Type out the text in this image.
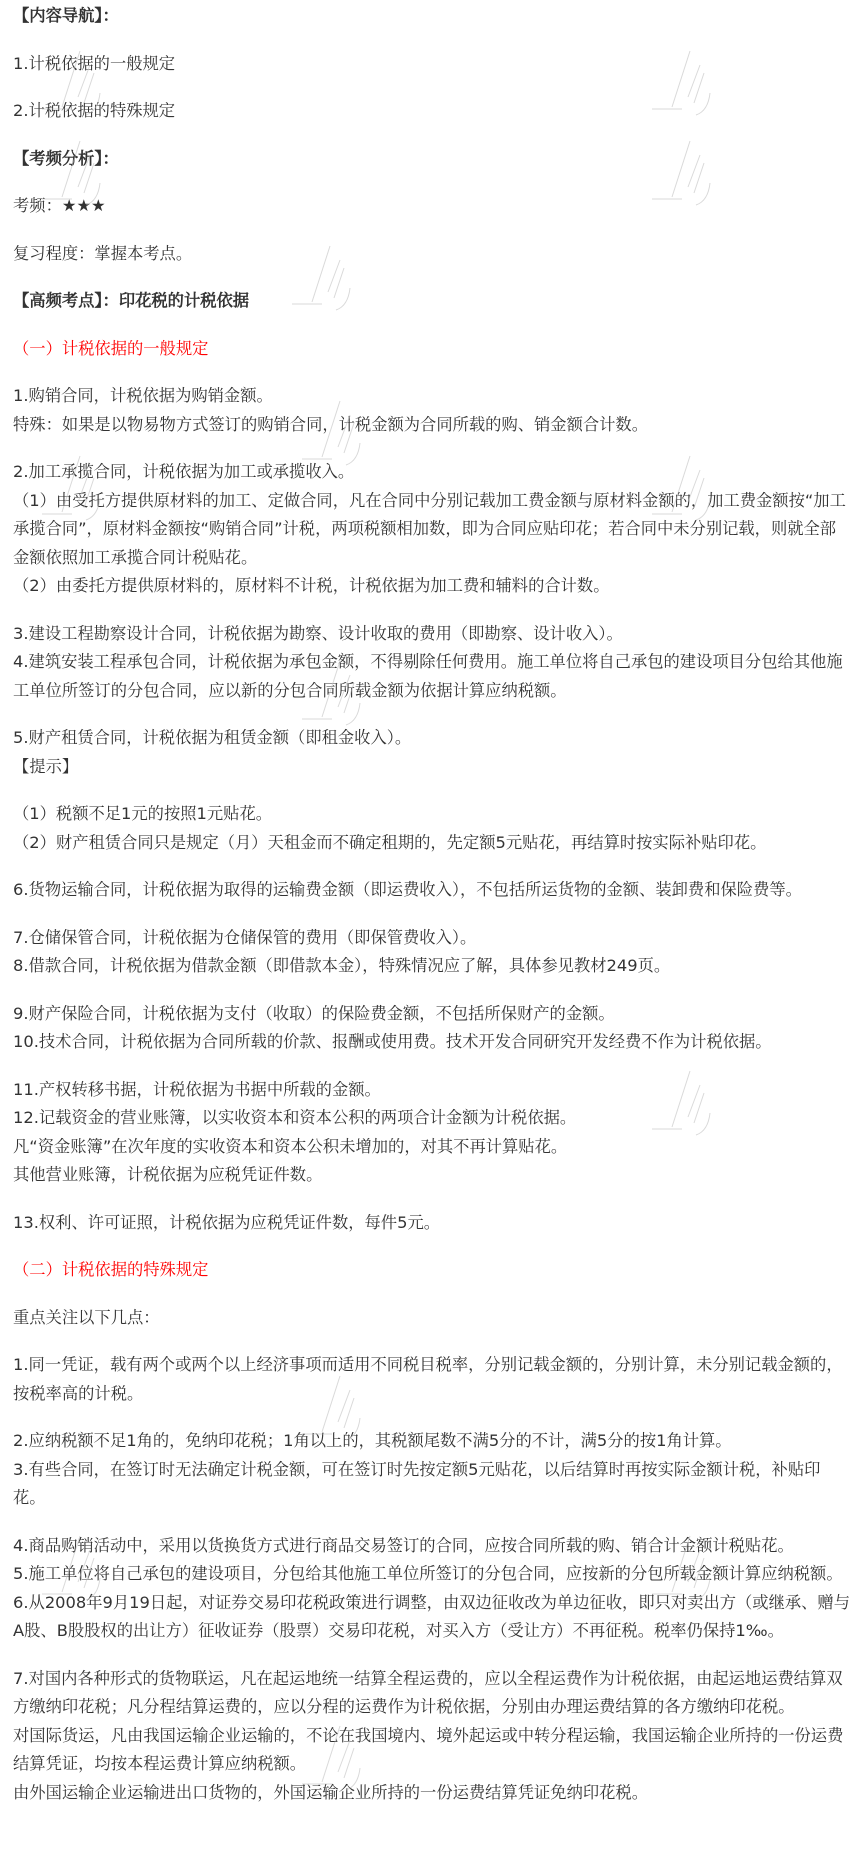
【内容导航】：
1.计税依据的一般规定
2.计税依据的特殊规定
【考频分析】：
考频：★★★
复习程度：掌握本考点。
【高频考点】：印花税的计税依据
（一）计税依据的一般规定
1.购销合同，计税依据为购销金额。
特殊：如果是以物易物方式签订的购销合同，计税金额为合同所载的购、销金额合计数。
2.加工承揽合同，计税依据为加工或承揽收入。
（1）由受托方提供原材料的加工、定做合同，凡在合同中分别记载加工费金额与原材料金额的，加工费金额按“加工承揽合同”，原材料金额按“购销合同”计税，两项税额相加数，即为合同应贴印花；若合同中未分别记载，则就全部金额依照加工承揽合同计税贴花。
（2）由委托方提供原材料的，原材料不计税，计税依据为加工费和辅料的合计数。
3.建设工程勘察设计合同，计税依据为勘察、设计收取的费用（即勘察、设计收入）。
4.建筑安装工程承包合同，计税依据为承包金额，不得剔除任何费用。施工单位将自己承包的建设项目分包给其他施工单位所签订的分包合同，应以新的分包合同所载金额为依据计算应纳税额。
5.财产租赁合同，计税依据为租赁金额（即租金收入）。
【提示】
（1）税额不足1元的按照1元贴花。
（2）财产租赁合同只是规定（月）天租金而不确定租期的，先定额5元贴花，再结算时按实际补贴印花。
6.货物运输合同，计税依据为取得的运输费金额（即运费收入），不包括所运货物的金额、装卸费和保险费等。
7.仓储保管合同，计税依据为仓储保管的费用（即保管费收入）。
8.借款合同，计税依据为借款金额（即借款本金），特殊情况应了解，具体参见教材249页。
9.财产保险合同，计税依据为支付（收取）的保险费金额，不包括所保财产的金额。
10.技术合同，计税依据为合同所载的价款、报酬或使用费。技术开发合同研究开发经费不作为计税依据。
11.产权转移书据，计税依据为书据中所载的金额。
12.记载资金的营业账簿，以实收资本和资本公积的两项合计金额为计税依据。
凡“资金账簿”在次年度的实收资本和资本公积未增加的，对其不再计算贴花。
其他营业账簿，计税依据为应税凭证件数。
13.权利、许可证照，计税依据为应税凭证件数，每件5元。
（二）计税依据的特殊规定
重点关注以下几点：
1.同一凭证，载有两个或两个以上经济事项而适用不同税目税率，分别记载金额的，分别计算，未分别记载金额的，按税率高的计税。
2.应纳税额不足1角的，免纳印花税；1角以上的，其税额尾数不满5分的不计，满5分的按1角计算。
3.有些合同，在签订时无法确定计税金额，可在签订时先按定额5元贴花，以后结算时再按实际金额计税，补贴印花。
4.商品购销活动中，采用以货换货方式进行商品交易签订的合同，应按合同所载的购、销合计金额计税贴花。
5.施工单位将自己承包的建设项目，分包给其他施工单位所签订的分包合同，应按新的分包所载金额计算应纳税额。
6.从2008年9月19日起，对证券交易印花税政策进行调整，由双边征收改为单边征收，即只对卖出方（或继承、赠与A股、B股股权的出让方）征收证券（股票）交易印花税，对买入方（受让方）不再征税。税率仍保持1‰。
7.对国内各种形式的货物联运，凡在起运地统一结算全程运费的，应以全程运费作为计税依据，由起运地运费结算双方缴纳印花税；凡分程结算运费的，应以分程的运费作为计税依据，分别由办理运费结算的各方缴纳印花税。
对国际货运，凡由我国运输企业运输的，不论在我国境内、境外起运或中转分程运输，我国运输企业所持的一份运费结算凭证，均按本程运费计算应纳税额。
由外国运输企业运输进出口货物的，外国运输企业所持的一份运费结算凭证免纳印花税。
